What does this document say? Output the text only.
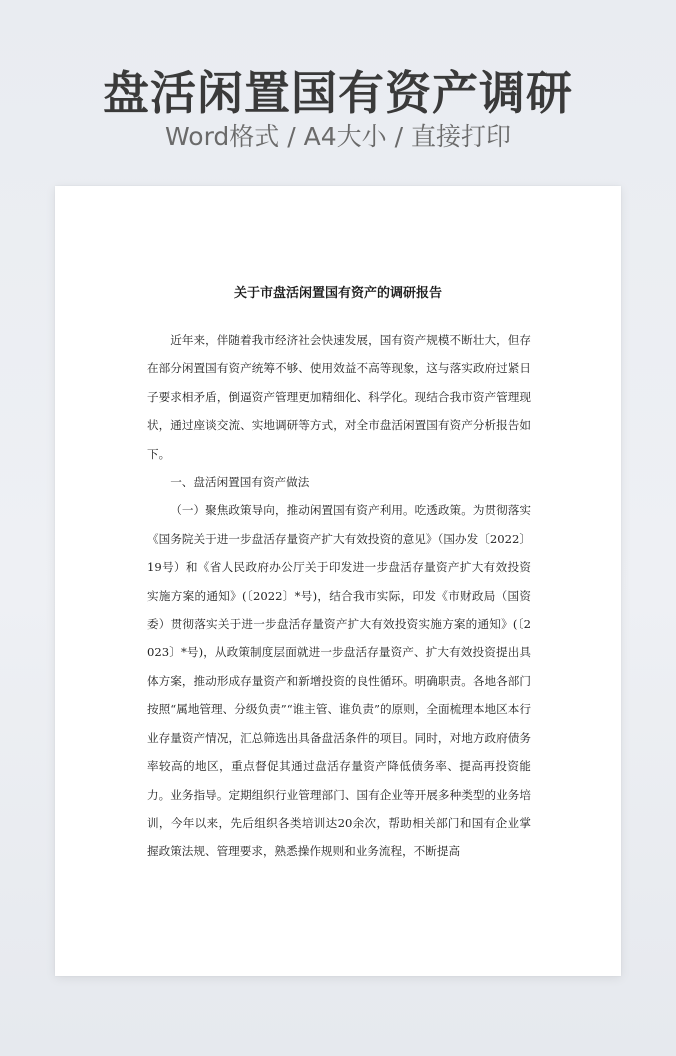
盘活闲置国有资产调研
Word格式 / A4大小 / 直接打印
关于市盘活闲置国有资产的调研报告

近年来，伴随着我市经济社会快速发展，国有资产规模不断壮大，但存在部分闲置国有资产统筹不够、使用效益不高等现象，这与落实政府过紧日子要求相矛盾，倒逼资产管理更加精细化、科学化。现结合我市资产管理现状，通过座谈交流、实地调研等方式，对全市盘活闲置国有资产分析报告如下。

一、盘活闲置国有资产做法

（一）聚焦政策导向，推动闲置国有资产利用。吃透政策。为贯彻落实《国务院关于进一步盘活存量资产扩大有效投资的意见》（国办发〔2022〕19号）和《省人民政府办公厅关于印发进一步盘活存量资产扩大有效投资实施方案的通知》(〔2022〕*号)，结合我市实际，印发《市财政局（国资委）贯彻落实关于进一步盘活存量资产扩大有效投资实施方案的通知》(〔2023〕*号)，从政策制度层面就进一步盘活存量资产、扩大有效投资提出具体方案，推动形成存量资产和新增投资的良性循环。明确职责。各地各部门按照“属地管理、分级负责”“谁主管、谁负责”的原则，全面梳理本地区本行业存量资产情况，汇总筛选出具备盘活条件的项目。同时，对地方政府债务率较高的地区，重点督促其通过盘活存量资产降低债务率、提高再投资能力。业务指导。定期组织行业管理部门、国有企业等开展多种类型的业务培训，今年以来，先后组织各类培训达20余次，帮助相关部门和国有企业掌握政策法规、管理要求，熟悉操作规则和业务流程，不断提高
